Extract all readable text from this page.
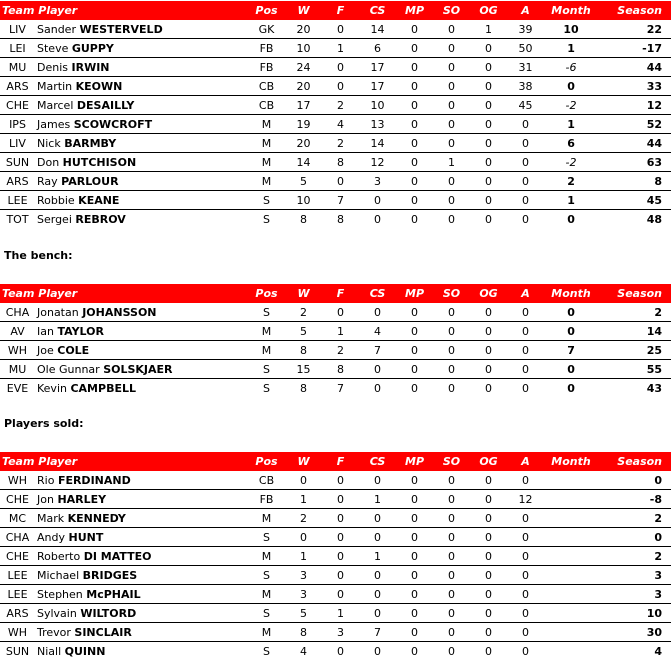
Team Player		Pos	W	F	CS	MP	SO	OG	A	Month	Season
LIV	Sander WESTERVELD	GK	20	0	14	0	0	1	39	10	22
LEI	Steve GUPPY	FB	10	1	6	0	0	0	50	1	-17
MU	Denis IRWIN	FB	24	0	17	0	0	0	31	-6	44
ARS	Martin KEOWN	CB	20	0	17	0	0	0	38	0	33
CHE	Marcel DESAILLY	CB	17	2	10	0	0	0	45	-2	12
IPS	James SCOWCROFT	M	19	4	13	0	0	0	0	1	52
LIV	Nick BARMBY	M	20	2	14	0	0	0	0	6	44
SUN	Don HUTCHISON	M	14	8	12	0	1	0	0	-2	63
ARS	Ray PARLOUR	M	5	0	3	0	0	0	0	2	8
LEE	Robbie KEANE	S	10	7	0	0	0	0	0	1	45
TOT	Sergei REBROV	S	8	8	0	0	0	0	0	0	48
The bench:
Team Player		Pos	W	F	CS	MP	SO	OG	A	Month	Season
CHA	Jonatan JOHANSSON	S	2	0	0	0	0	0	0	0	2
AV	Ian TAYLOR	M	5	1	4	0	0	0	0	0	14
WH	Joe COLE	M	8	2	7	0	0	0	0	7	25
MU	Ole Gunnar SOLSKJAER	S	15	8	0	0	0	0	0	0	55
EVE	Kevin CAMPBELL	S	8	7	0	0	0	0	0	0	43
Players sold:
Team Player		Pos	W	F	CS	MP	SO	OG	A	Month	Season
WH	Rio FERDINAND	CB	0	0	0	0	0	0	0		0
CHE	Jon HARLEY	FB	1	0	1	0	0	0	12		-8
MC	Mark KENNEDY	M	2	0	0	0	0	0	0		2
CHA	Andy HUNT	S	0	0	0	0	0	0	0		0
CHE	Roberto DI MATTEO	M	1	0	1	0	0	0	0		2
LEE	Michael BRIDGES	S	3	0	0	0	0	0	0		3
LEE	Stephen McPHAIL	M	3	0	0	0	0	0	0		3
ARS	Sylvain WILTORD	S	5	1	0	0	0	0	0		10
WH	Trevor SINCLAIR	M	8	3	7	0	0	0	0		30
SUN	Niall QUINN	S	4	0	0	0	0	0	0		4
